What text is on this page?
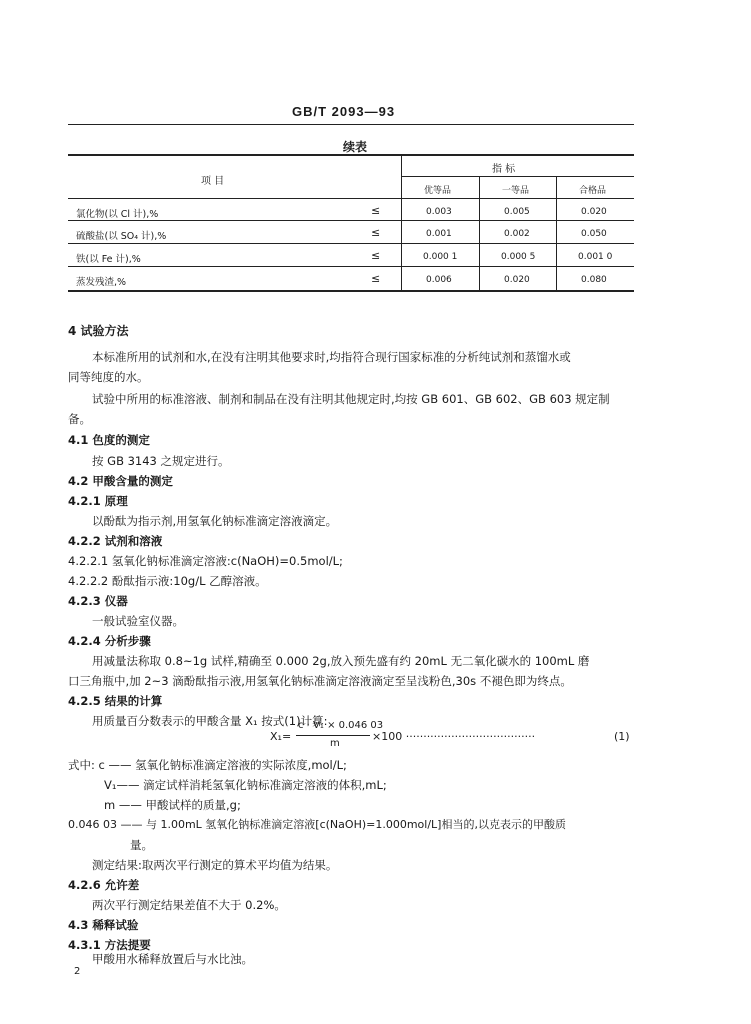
GB/T 2093—93
续表
项 目
指 标
优等品	一等品	合格品
氯化物(以 Cl 计),%	≤	0.003	0.005	0.020
硫酸盐(以 SO₄ 计),%	≤	0.001	0.002	0.050
铁(以 Fe 计),%	≤	0.000 1	0.000 5	0.001 0
蒸发残渣,%	≤	0.006	0.020	0.080
4 试验方法
本标准所用的试剂和水,在没有注明其他要求时,均指符合现行国家标准的分析纯试剂和蒸馏水或
同等纯度的水。
试验中所用的标准溶液、制剂和制品在没有注明其他规定时,均按 GB 601、GB 602、GB 603 规定制
备。
4.1 色度的测定
按 GB 3143 之规定进行。
4.2 甲酸含量的测定
4.2.1 原理
以酚酞为指示剂,用氢氧化钠标准滴定溶液滴定。
4.2.2 试剂和溶液
4.2.2.1 氢氧化钠标准滴定溶液:c(NaOH)=0.5mol/L;
4.2.2.2 酚酞指示液:10g/L 乙醇溶液。
4.2.3 仪器
一般试验室仪器。
4.2.4 分析步骤
用减量法称取 0.8~1g 试样,精确至 0.000 2g,放入预先盛有约 20mL 无二氧化碳水的 100mL 磨
口三角瓶中,加 2~3 滴酚酞指示液,用氢氧化钠标准滴定溶液滴定至呈浅粉色,30s 不褪色即为终点。
4.2.5 结果的计算
用质量百分数表示的甲酸含量 X₁ 按式(1)计算:
X₁=
c · V₁ × 0.046 03
m
×100 ·····································	(1)
式中: c —— 氢氧化钠标准滴定溶液的实际浓度,mol/L;
V₁—— 滴定试样消耗氢氧化钠标准滴定溶液的体积,mL;
m —— 甲酸试样的质量,g;
0.046 03 —— 与 1.00mL 氢氧化钠标准滴定溶液[c(NaOH)=1.000mol/L]相当的,以克表示的甲酸质
量。
测定结果:取两次平行测定的算术平均值为结果。
4.2.6 允许差
两次平行测定结果差值不大于 0.2%。
4.3 稀释试验
4.3.1 方法提要
甲酸用水稀释放置后与水比浊。
2
